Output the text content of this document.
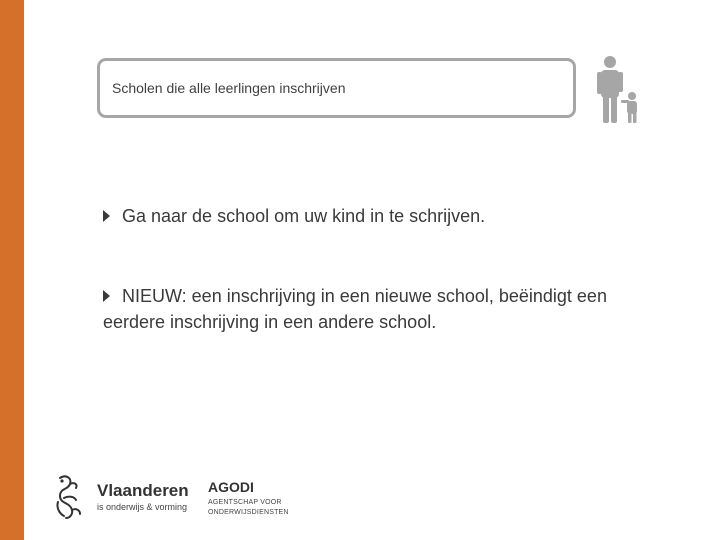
Scholen die alle leerlingen inschrijven
Ga naar de school om uw kind in te schrijven.
NIEUW: een inschrijving in een nieuwe school, beëindigt een eerdere inschrijving in een andere school.
Vlaanderen
is onderwijs & vorming
AGODI
AGENTSCHAP VOOR
ONDERWIJSDIENSTEN
